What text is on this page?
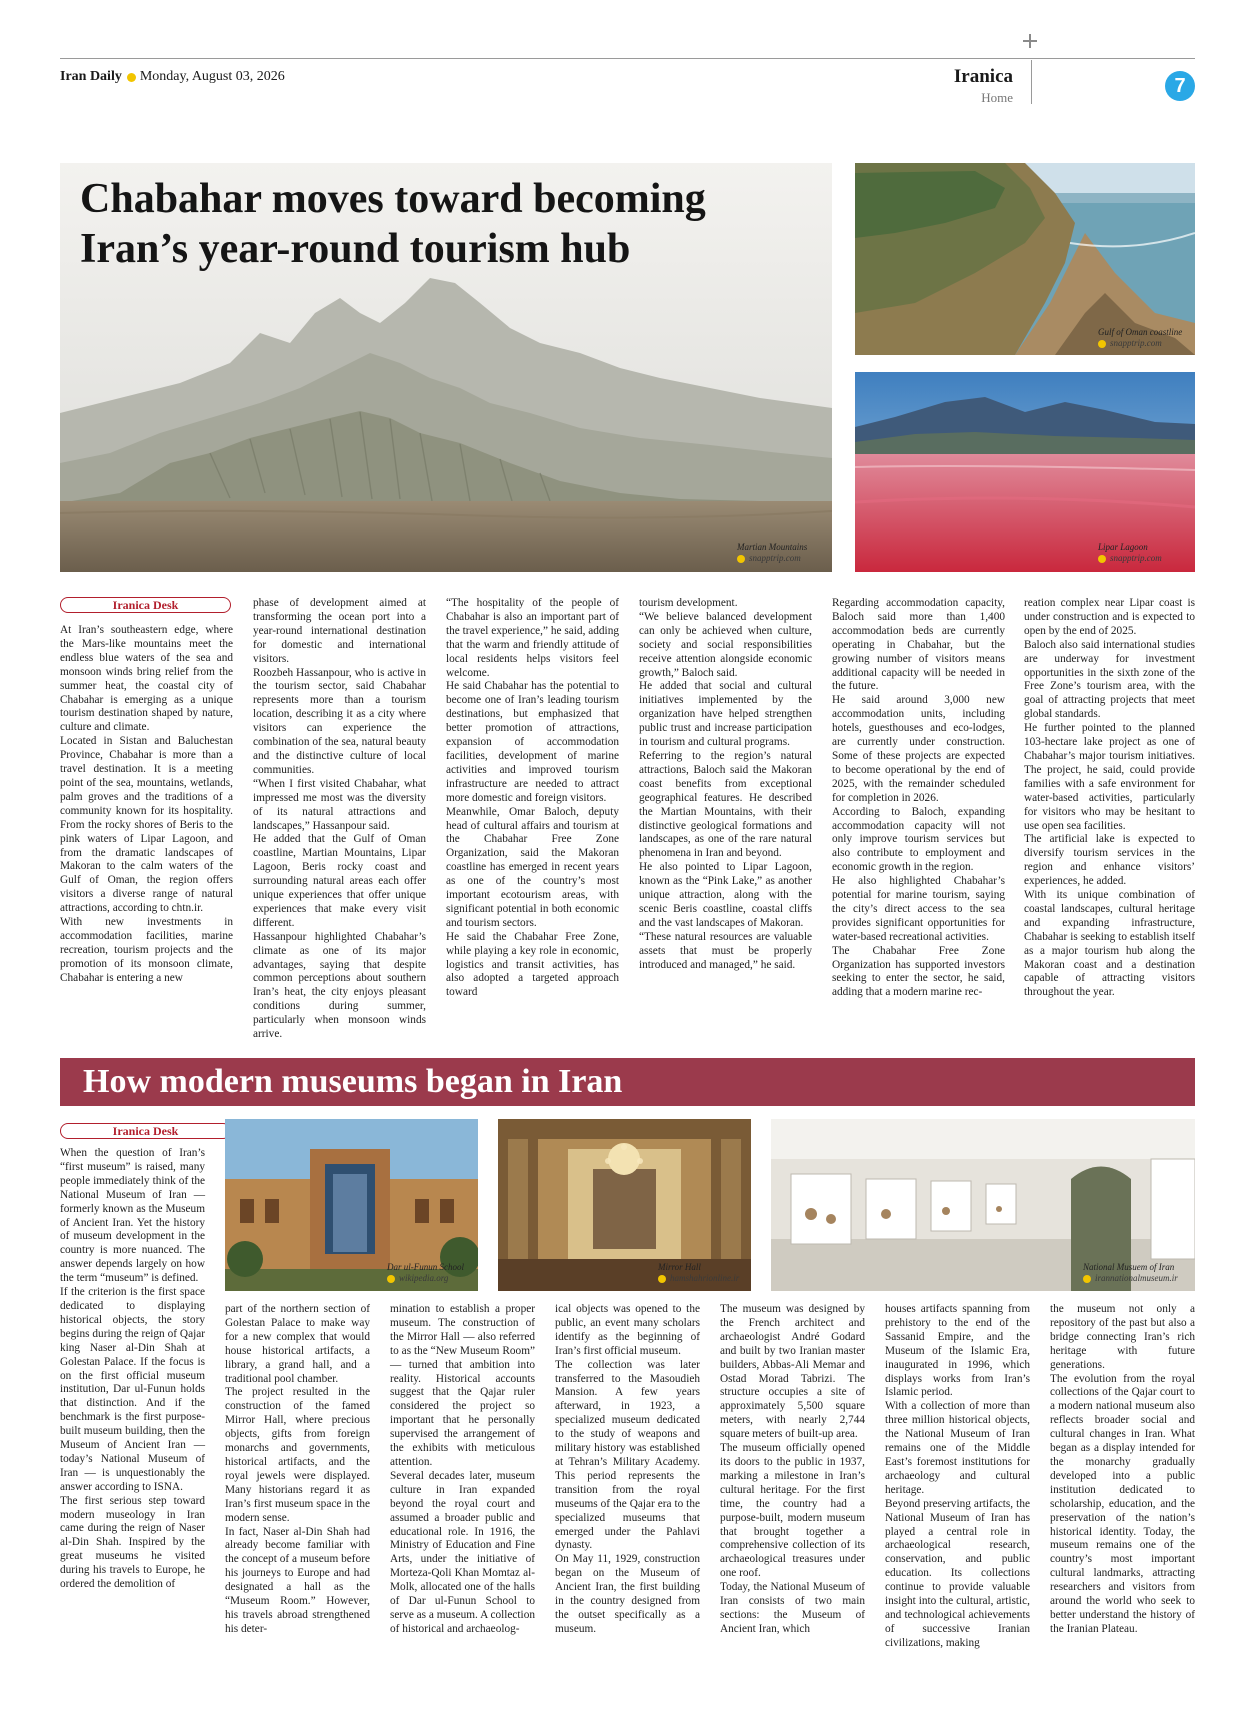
Iran Daily Monday, August 03, 2026	Iranica
Home
7
Chabahar moves toward becoming
Iran’s year-round tourism hub
Martian Mountains
snapptrip.com
Gulf of Oman coastline
snapptrip.com
Lipar Lagoon
snapptrip.com
Iranica Desk

At Iran’s southeastern edge, where the Mars-like mountains meet the endless blue waters of the sea and monsoon winds bring relief from the summer heat, the coastal city of Chabahar is emerging as a unique tourism destination shaped by nature, culture and climate.

Located in Sistan and Baluchestan Province, Chabahar is more than a travel destination. It is a meeting point of the sea, mountains, wetlands, palm groves and the traditions of a community known for its hospitality. From the rocky shores of Beris to the pink waters of Lipar Lagoon, and from the dramatic landscapes of Makoran to the calm waters of the Gulf of Oman, the region offers visitors a diverse range of natural attractions, according to chtn.ir.

With new investments in accommodation facilities, marine recreation, tourism projects and the promotion of its monsoon climate, Chabahar is entering a new

phase of development aimed at transforming the ocean port into a year-round international destination for domestic and international visitors.

Roozbeh Hassanpour, who is active in the tourism sector, said Chabahar represents more than a tourism location, describing it as a city where visitors can experience the combination of the sea, natural beauty and the distinctive culture of local communities.

“When I first visited Chabahar, what impressed me most was the diversity of its natural attractions and landscapes,” Hassanpour said.

He added that the Gulf of Oman coastline, Martian Mountains, Lipar Lagoon, Beris rocky coast and surrounding natural areas each offer unique experiences that offer unique experiences that make every visit different.

Hassanpour highlighted Chabahar’s climate as one of its major advantages, saying that despite common perceptions about southern Iran’s heat, the city enjoys pleasant conditions during summer, particularly when monsoon winds arrive.

“The hospitality of the people of Chabahar is also an important part of the travel experience,” he said, adding that the warm and friendly attitude of local residents helps visitors feel welcome.

He said Chabahar has the potential to become one of Iran’s leading tourism destinations, but emphasized that better promotion of attractions, expansion of accommodation facilities, development of marine activities and improved tourism infrastructure are needed to attract more domestic and foreign visitors.

Meanwhile, Omar Baloch, deputy head of cultural affairs and tourism at the Chabahar Free Zone Organization, said the Makoran coastline has emerged in recent years as one of the country’s most important ecotourism areas, with significant potential in both economic and tourism sectors.

He said the Chabahar Free Zone, while playing a key role in economic, logistics and transit activities, has also adopted a targeted approach toward

tourism development.

“We believe balanced development can only be achieved when culture, society and social responsibilities receive attention alongside economic growth,” Baloch said.

He added that social and cultural initiatives implemented by the organization have helped strengthen public trust and increase participation in tourism and cultural programs.

Referring to the region’s natural attractions, Baloch said the Makoran coast benefits from exceptional geographical features. He described the Martian Mountains, with their distinctive geological formations and landscapes, as one of the rare natural phenomena in Iran and beyond.

He also pointed to Lipar Lagoon, known as the “Pink Lake,” as another unique attraction, along with the scenic Beris coastline, coastal cliffs and the vast landscapes of Makoran.

“These natural resources are valuable assets that must be properly introduced and managed,” he said.

Regarding accommodation capacity, Baloch said more than 1,400 accommodation beds are currently operating in Chabahar, but the growing number of visitors means additional capacity will be needed in the future.

He said around 3,000 new accommodation units, including hotels, guesthouses and eco-lodges, are currently under construction. Some of these projects are expected to become operational by the end of 2025, with the remainder scheduled for completion in 2026.

According to Baloch, expanding accommodation capacity will not only improve tourism services but also contribute to employment and economic growth in the region.

He also highlighted Chabahar’s potential for marine tourism, saying the city’s direct access to the sea provides significant opportunities for water-based recreational activities.

The Chabahar Free Zone Organization has supported investors seeking to enter the sector, he said, adding that a modern marine rec-

reation complex near Lipar coast is under construction and is expected to open by the end of 2025.

Baloch also said international studies are underway for investment opportunities in the sixth zone of the Free Zone’s tourism area, with the goal of attracting projects that meet global standards.

He further pointed to the planned 103-hectare lake project as one of Chabahar’s major tourism initiatives. The project, he said, could provide families with a safe environment for water-based activities, particularly for visitors who may be hesitant to use open sea facilities.

The artificial lake is expected to diversify tourism services in the region and enhance visitors’ experiences, he added.

With its unique combination of coastal landscapes, cultural heritage and expanding infrastructure, Chabahar is seeking to establish itself as a major tourism hub along the Makoran coast and a destination capable of attracting visitors throughout the year.

How modern museums began in Iran
Iranica Desk
Dar ul-Funun School
wikipedia.org
Mirror Hall
hamshahrionline.ir
National Musuem of Iran
irannationalmuseum.ir

When the question of Iran’s “first museum” is raised, many people immediately think of the National Museum of Iran — formerly known as the Museum of Ancient Iran. Yet the history of museum development in the country is more nuanced. The answer depends largely on how the term “museum” is defined.

If the criterion is the first space dedicated to displaying historical objects, the story begins during the reign of Qajar king Naser al-Din Shah at Golestan Palace. If the focus is on the first official museum institution, Dar ul-Funun holds that distinction. And if the benchmark is the first purpose-built museum building, then the Museum of Ancient Iran — today’s National Museum of Iran — is unquestionably the answer according to ISNA.

The first serious step toward modern museology in Iran came during the reign of Naser al-Din Shah. Inspired by the great museums he visited during his travels to Europe, he ordered the demolition of

part of the northern section of Golestan Palace to make way for a new complex that would house historical artifacts, a library, a grand hall, and a traditional pool chamber.

The project resulted in the construction of the famed Mirror Hall, where precious objects, gifts from foreign monarchs and governments, historical artifacts, and the royal jewels were displayed. Many historians regard it as Iran’s first museum space in the modern sense.

In fact, Naser al-Din Shah had already become familiar with the concept of a museum before his journeys to Europe and had designated a hall as the “Museum Room.” However, his travels abroad strengthened his deter-

mination to establish a proper museum. The construction of the Mirror Hall — also referred to as the “New Museum Room” — turned that ambition into reality. Historical accounts suggest that the Qajar ruler considered the project so important that he personally supervised the arrangement of the exhibits with meticulous attention.

Several decades later, museum culture in Iran expanded beyond the royal court and assumed a broader public and educational role. In 1916, the Ministry of Education and Fine Arts, under the initiative of Morteza-Qoli Khan Momtaz al-Molk, allocated one of the halls of Dar ul-Funun School to serve as a museum. A collection of historical and archaeolog-

ical objects was opened to the public, an event many scholars identify as the beginning of Iran’s first official museum.

The collection was later transferred to the Masoudieh Mansion. A few years afterward, in 1923, a specialized museum dedicated to the study of weapons and military history was established at Tehran’s Military Academy. This period represents the transition from the royal museums of the Qajar era to the specialized museums that emerged under the Pahlavi dynasty.

On May 11, 1929, construction began on the Museum of Ancient Iran, the first building in the country designed from the outset specifically as a museum.

The museum was designed by the French architect and archaeologist André Godard and built by two Iranian master builders, Abbas-Ali Memar and Ostad Morad Tabrizi. The structure occupies a site of approximately 5,500 square meters, with nearly 2,744 square meters of built-up area.

The museum officially opened its doors to the public in 1937, marking a milestone in Iran’s cultural heritage. For the first time, the country had a purpose-built, modern museum that brought together a comprehensive collection of its archaeological treasures under one roof.

Today, the National Museum of Iran consists of two main sections: the Museum of Ancient Iran, which

houses artifacts spanning from prehistory to the end of the Sassanid Empire, and the Museum of the Islamic Era, inaugurated in 1996, which displays works from Iran’s Islamic period.

With a collection of more than three million historical objects, the National Museum of Iran remains one of the Middle East’s foremost institutions for archaeology and cultural heritage.

Beyond preserving artifacts, the National Museum of Iran has played a central role in archaeological research, conservation, and public education. Its collections continue to provide valuable insight into the cultural, artistic, and technological achievements of successive Iranian civilizations, making

the museum not only a repository of the past but also a bridge connecting Iran’s rich heritage with future generations.

The evolution from the royal collections of the Qajar court to a modern national museum also reflects broader social and cultural changes in Iran. What began as a display intended for the monarchy gradually developed into a public institution dedicated to scholarship, education, and the preservation of the nation’s historical identity. Today, the museum remains one of the country’s most important cultural landmarks, attracting researchers and visitors from around the world who seek to better understand the history of the Iranian Plateau.
